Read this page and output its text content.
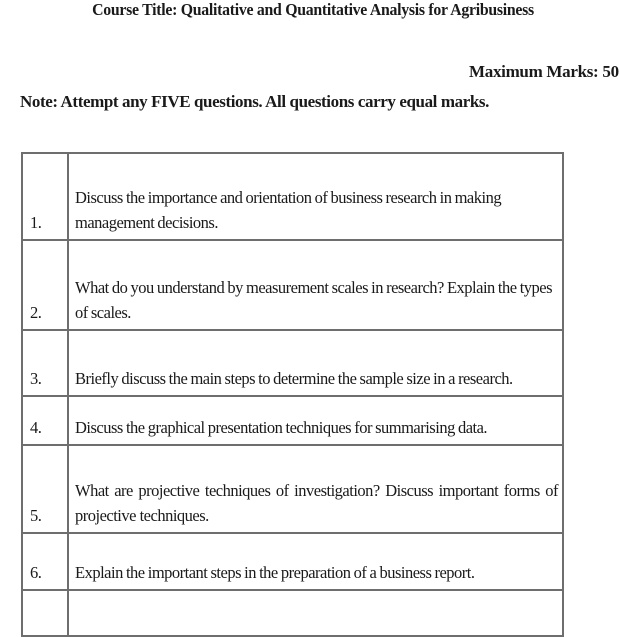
Course Title: Qualitative and Quantitative Analysis for Agribusiness
Maximum Marks: 50
Note: Attempt any FIVE questions. All questions carry equal marks.
1.	Discuss the importance and orientation of business research in making management decisions.
2.	What do you understand by measurement scales in research? Explain the types of scales.
3.	Briefly discuss the main steps to determine the sample size in a research.
4.	Discuss the graphical presentation techniques for summarising data.
5.	What are projective techniques of investigation? Discuss important forms of projective techniques.
6.	Explain the important steps in the preparation of a business report.
